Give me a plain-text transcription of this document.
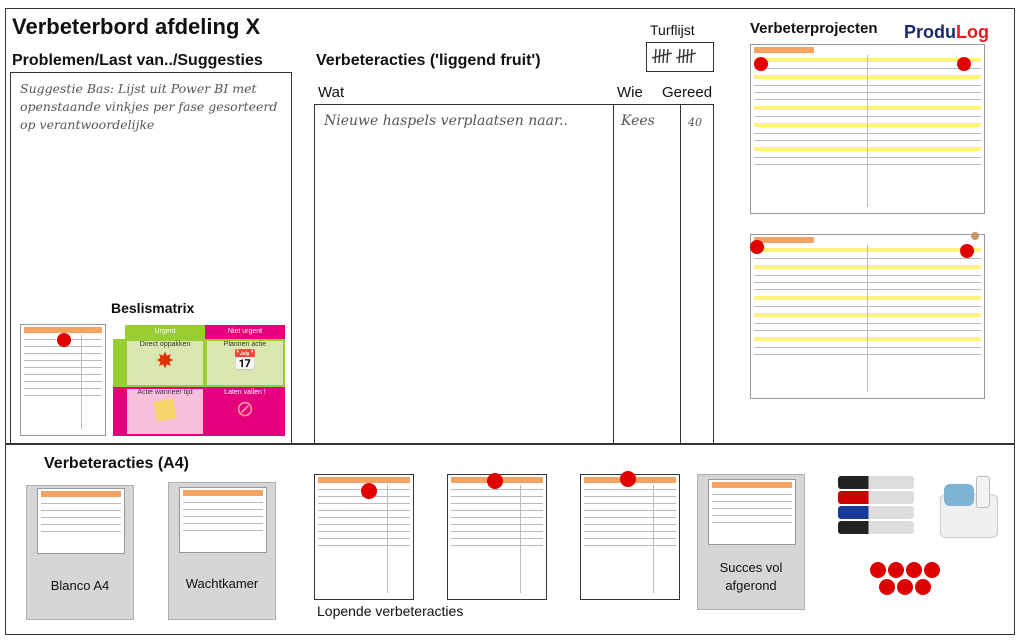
Verbeterbord afdeling X	ProduLog
Problemen/Last van../Suggesties
Suggestie Bas: Lijst uit Power BI met
openstaande vinkjes per fase gesorteerd
op verantwoordelijke
Beslismatrix
Urgent	Niet urgent
Direct oppakken
✸
Plannen actie
📅
Actie wanneer tijd	Laten vallen !
⊘
Verbeteracties ('liggend fruit')
Wat	Wie Gereed
Nieuwe haspels verplaatsen naar..	Kees	40
Turflijst	Verbeterprojecten
Verbeteracties (A4)
Blanco A4	Wachtkamer
Lopende verbeteracties
Succes vol
afgerond
